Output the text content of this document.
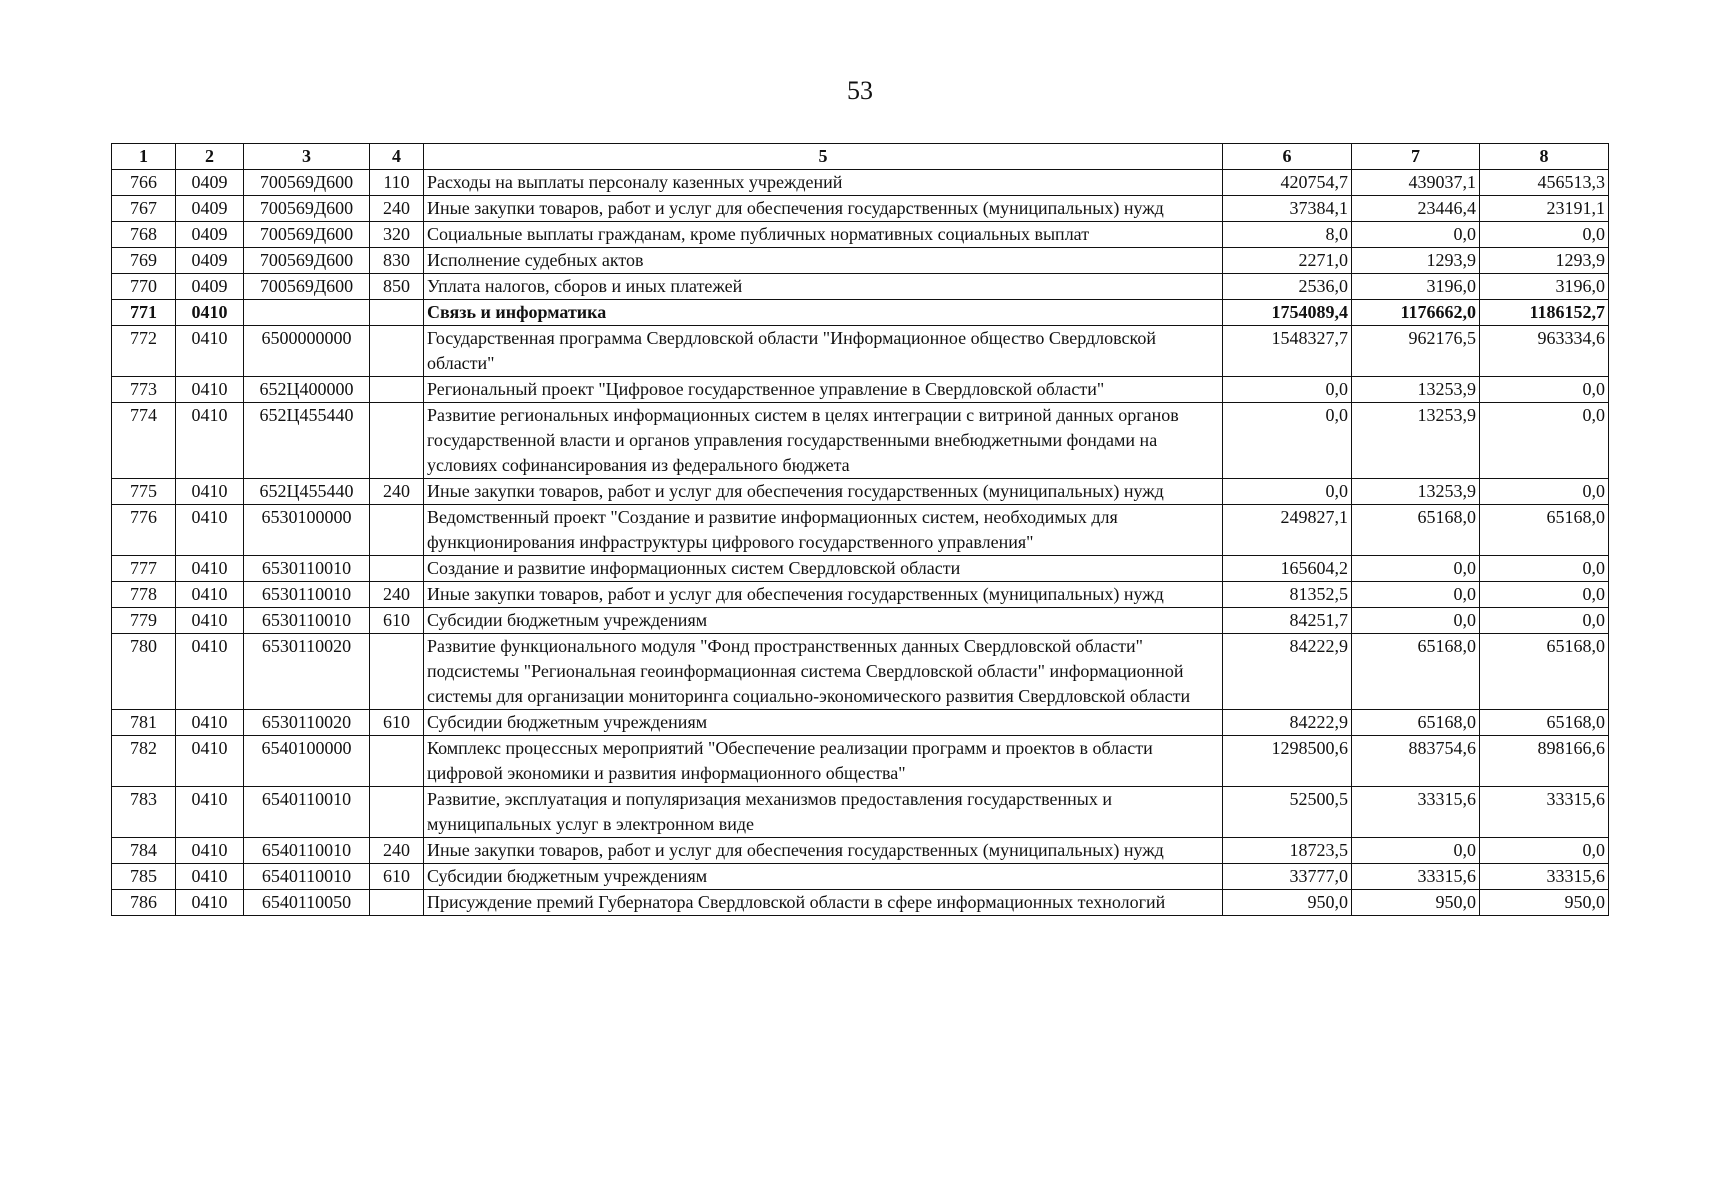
53
1	2	3	4	5	6	7	8
766	0409	700569Д600	110	Расходы на выплаты персоналу казенных учреждений	420754,7	439037,1	456513,3
767	0409	700569Д600	240	Иные закупки товаров, работ и услуг для обеспечения государственных (муниципальных) нужд	37384,1	23446,4	23191,1
768	0409	700569Д600	320	Социальные выплаты гражданам, кроме публичных нормативных социальных выплат	8,0	0,0	0,0
769	0409	700569Д600	830	Исполнение судебных актов	2271,0	1293,9	1293,9
770	0409	700569Д600	850	Уплата налогов, сборов и иных платежей	2536,0	3196,0	3196,0
771	0410			Связь и информатика	1754089,4	1176662,0	1186152,7
772	0410	6500000000		Государственная программа Свердловской области "Информационное общество Свердловской области"	1548327,7	962176,5	963334,6
773	0410	652Ц400000		Региональный проект "Цифровое государственное управление в Свердловской области"	0,0	13253,9	0,0
774	0410	652Ц455440		Развитие региональных информационных систем в целях интеграции с витриной данных органов государственной власти и органов управления государственными внебюджетными фондами на условиях софинансирования из федерального бюджета	0,0	13253,9	0,0
775	0410	652Ц455440	240	Иные закупки товаров, работ и услуг для обеспечения государственных (муниципальных) нужд	0,0	13253,9	0,0
776	0410	6530100000		Ведомственный проект "Создание и развитие информационных систем, необходимых для функционирования инфраструктуры цифрового государственного управления"	249827,1	65168,0	65168,0
777	0410	6530110010		Создание и развитие информационных систем Свердловской области	165604,2	0,0	0,0
778	0410	6530110010	240	Иные закупки товаров, работ и услуг для обеспечения государственных (муниципальных) нужд	81352,5	0,0	0,0
779	0410	6530110010	610	Субсидии бюджетным учреждениям	84251,7	0,0	0,0
780	0410	6530110020		Развитие функционального модуля "Фонд пространственных данных Свердловской области" подсистемы "Региональная геоинформационная система Свердловской области" информационной системы для организации мониторинга социально-экономического развития Свердловской области	84222,9	65168,0	65168,0
781	0410	6530110020	610	Субсидии бюджетным учреждениям	84222,9	65168,0	65168,0
782	0410	6540100000		Комплекс процессных мероприятий "Обеспечение реализации программ и проектов в области цифровой экономики и развития информационного общества"	1298500,6	883754,6	898166,6
783	0410	6540110010		Развитие, эксплуатация и популяризация механизмов предоставления государственных и муниципальных услуг в электронном виде	52500,5	33315,6	33315,6
784	0410	6540110010	240	Иные закупки товаров, работ и услуг для обеспечения государственных (муниципальных) нужд	18723,5	0,0	0,0
785	0410	6540110010	610	Субсидии бюджетным учреждениям	33777,0	33315,6	33315,6
786	0410	6540110050		Присуждение премий Губернатора Свердловской области в сфере информационных технологий	950,0	950,0	950,0
